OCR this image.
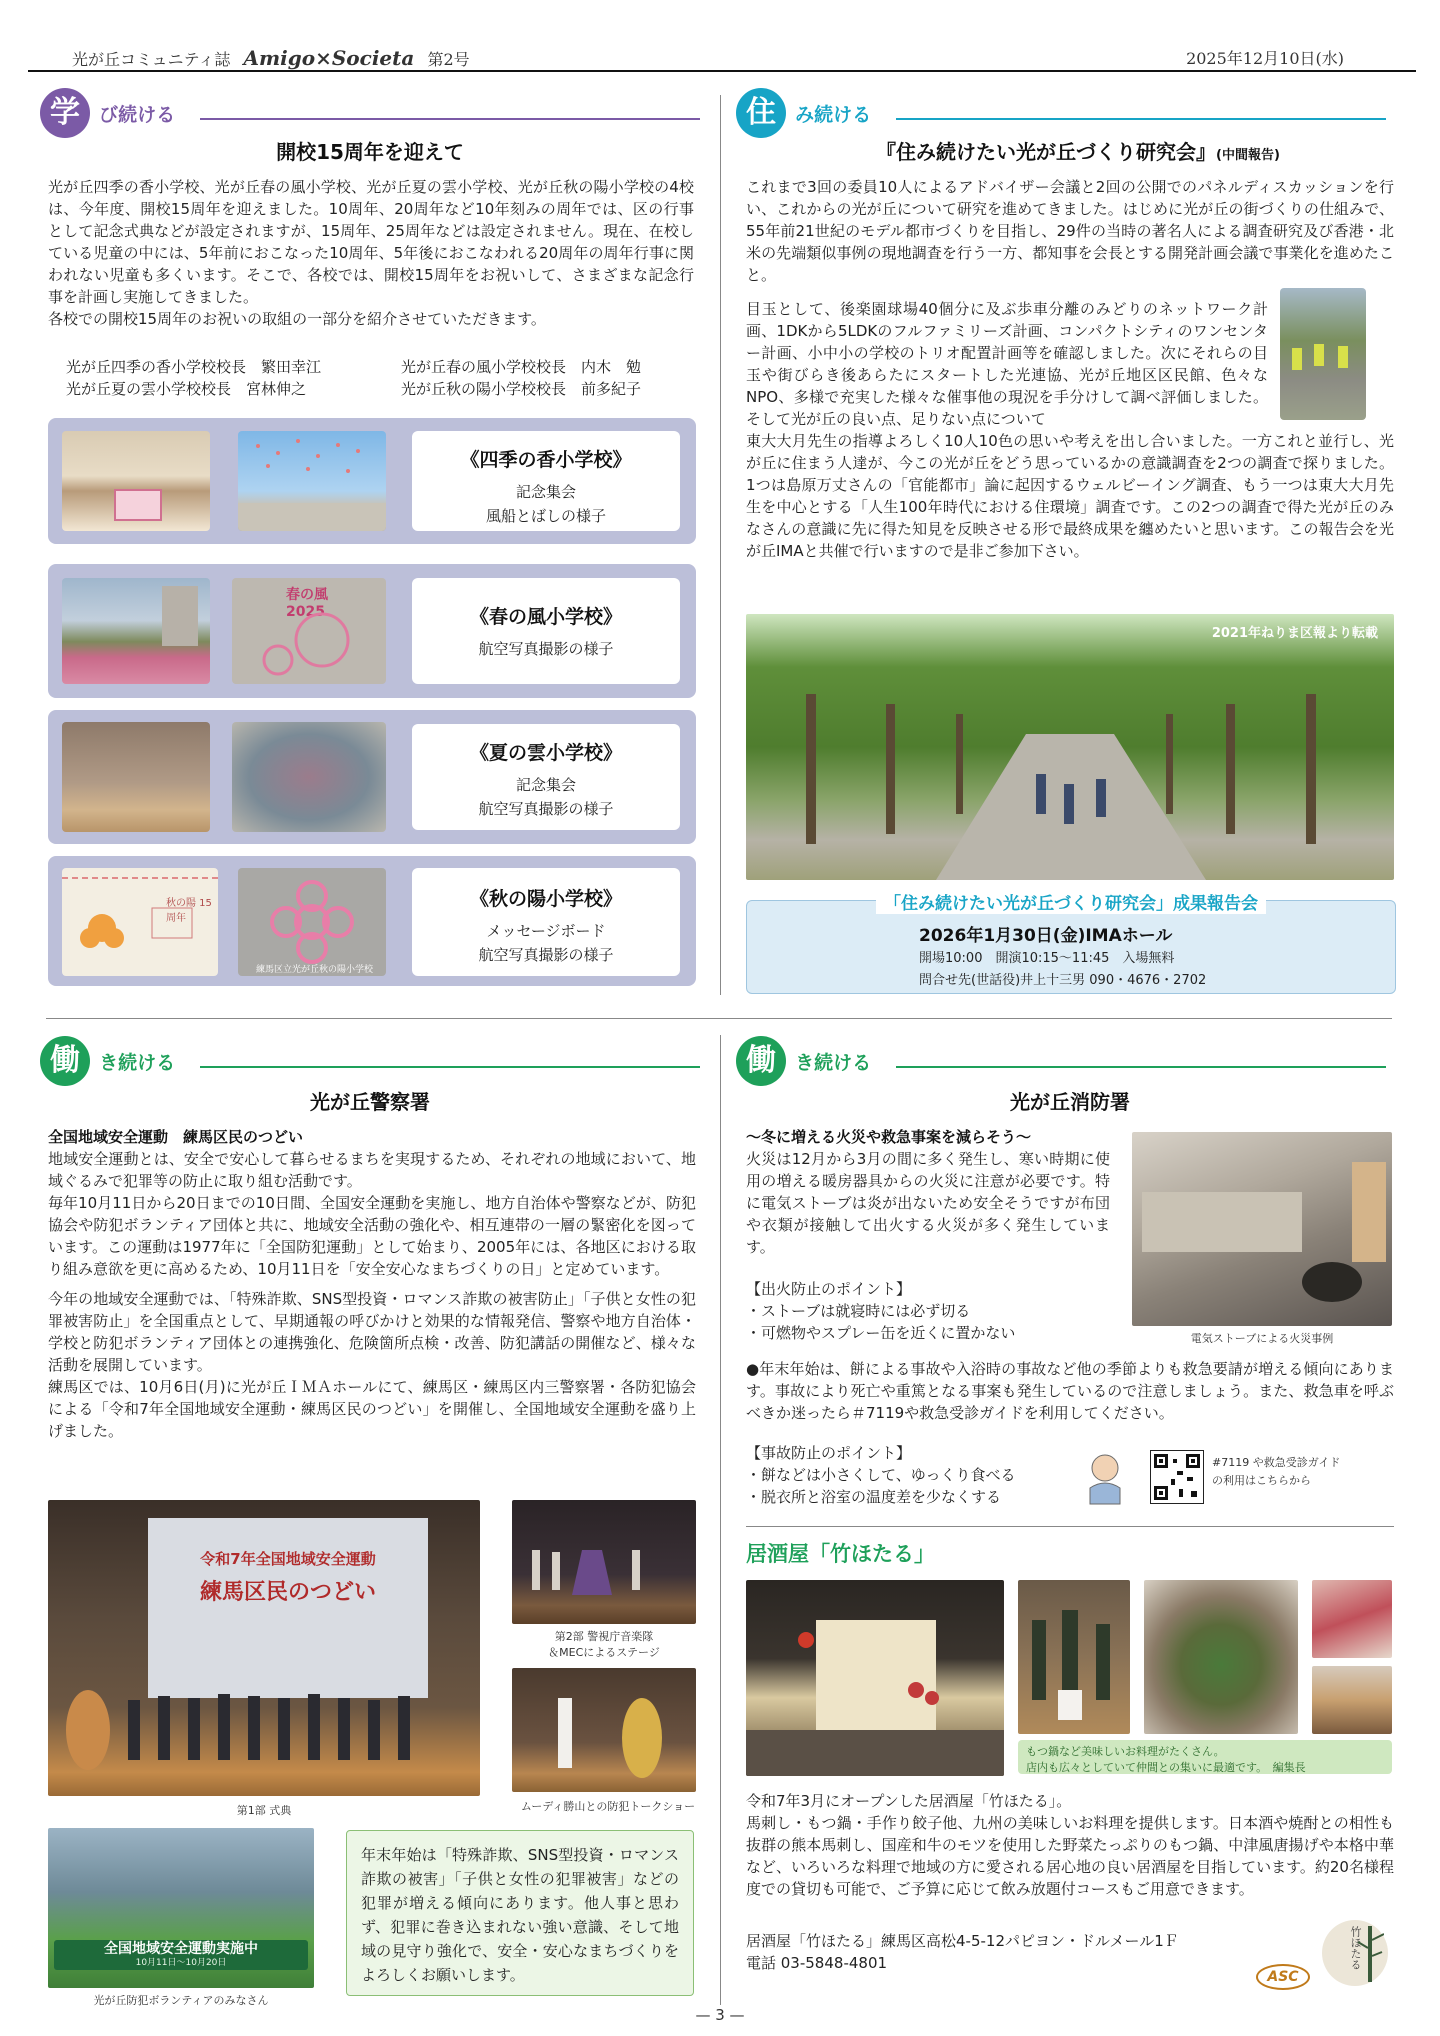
光が丘コミュニティ誌 Amigo×Societa 第2号	2025年12月10日(水)
学 び続ける
開校15周年を迎えて
光が丘四季の香小学校、光が丘春の風小学校、光が丘夏の雲小学校、光が丘秋の陽小学校の4校は、今年度、開校15周年を迎えました。10周年、20周年など10年刻みの周年では、区の行事として記念式典などが設定されますが、15周年、25周年などは設定されません。現在、在校している児童の中には、5年前におこなった10周年、5年後におこなわれる20周年の周年行事に関われない児童も多くいます。そこで、各校では、開校15周年をお祝いして、さまざまな記念行事を計画し実施してきました。
各校での開校15周年のお祝いの取組の一部分を紹介させていただきます。
光が丘四季の香小学校校長　繁田幸江	光が丘春の風小学校校長　内木　勉
光が丘夏の雲小学校校長　宮林伸之	光が丘秋の陽小学校校長　前多紀子
《四季の香小学校》
記念集会
風船とばしの様子
春の風 2025	《春の風小学校》
航空写真撮影の様子
《夏の雲小学校》
記念集会
航空写真撮影の様子
秋の陽 15周年
練馬区立光が丘秋の陽小学校
《秋の陽小学校》
メッセージボード
航空写真撮影の様子
住 み続ける
『住み続けたい光が丘づくり研究会』(中間報告)
これまで3回の委員10人によるアドバイザー会議と2回の公開でのパネルディスカッションを行い、これからの光が丘について研究を進めてきました。はじめに光が丘の街づくりの仕組みで、55年前21世紀のモデル都市づくりを目指し、29件の当時の著名人による調査研究及び香港・北米の先端類似事例の現地調査を行う一方、都知事を会長とする開発計画会議で事業化を進めたこと。
目玉として、後楽園球場40個分に及ぶ歩車分離のみどりのネットワーク計画、1DKから5LDKのフルファミリーズ計画、コンパクトシティのワンセンター計画、小中小の学校のトリオ配置計画等を確認しました。次にそれらの目玉や街びらき後あらたにスタートした光連協、光が丘地区区民館、色々なNPO、多様で充実した様々な催事他の現況を手分けして調べ評価しました。そして光が丘の良い点、足りない点について
東大大月先生の指導よろしく10人10色の思いや考えを出し合いました。一方これと並行し、光が丘に住まう人達が、今この光が丘をどう思っているかの意識調査を2つの調査で探りました。1つは島原万丈さんの「官能都市」論に起因するウェルビーイング調査、もう一つは東大大月先生を中心とする「人生100年時代における住環境」調査です。この2つの調査で得た光が丘のみなさんの意識に先に得た知見を反映させる形で最終成果を纏めたいと思います。この報告会を光が丘IMAと共催で行いますので是非ご参加下さい。
2021年ねりま区報より転載
「住み続けたい光が丘づくり研究会」成果報告会
2026年1月30日(金)IMAホール
開場10:00　開演10:15〜11:45　入場無料
問合せ先(世話役)井上十三男 090・4676・2702
働 き続ける
光が丘警察署
全国地域安全運動　練馬区民のつどい
地域安全運動とは、安全で安心して暮らせるまちを実現するため、それぞれの地域において、地域ぐるみで犯罪等の防止に取り組む活動です。
毎年10月11日から20日までの10日間、全国安全運動を実施し、地方自治体や警察などが、防犯協会や防犯ボランティア団体と共に、地域安全活動の強化や、相互連帯の一層の緊密化を図っています。この運動は1977年に「全国防犯運動」として始まり、2005年には、各地区における取り組み意欲を更に高めるため、10月11日を「安全安心なまちづくりの日」と定めています。
今年の地域安全運動では、「特殊詐欺、SNS型投資・ロマンス詐欺の被害防止」「子供と女性の犯罪被害防止」を全国重点として、早期通報の呼びかけと効果的な情報発信、警察や地方自治体・学校と防犯ボランティア団体との連携強化、危険箇所点検・改善、防犯講話の開催など、様々な活動を展開しています。
練馬区では、10月6日(月)に光が丘ＩＭＡホールにて、練馬区・練馬区内三警察署・各防犯協会による「令和7年全国地域安全運動・練馬区民のつどい」を開催し、全国地域安全運動を盛り上げました。
令和7年全国地域安全運動
練馬区民のつどい
第1部 式典
第2部 警視庁音楽隊
＆MECによるステージ
ムーディ勝山との防犯トークショー
全国地域安全運動実施中
10月11日〜10月20日
光が丘防犯ボランティアのみなさん
年末年始は「特殊詐欺、SNS型投資・ロマンス詐欺の被害」「子供と女性の犯罪被害」などの犯罪が増える傾向にあります。他人事と思わず、犯罪に巻き込まれない強い意識、そして地域の見守り強化で、安全・安心なまちづくりをよろしくお願いします。
働 き続ける
光が丘消防署
〜冬に増える火災や救急事案を減らそう〜
火災は12月から3月の間に多く発生し、寒い時期に使用の増える暖房器具からの火災に注意が必要です。特に電気ストーブは炎が出ないため安全そうですが布団や衣類が接触して出火する火災が多く発生しています。
【出火防止のポイント】
・ストーブは就寝時には必ず切る
・可燃物やスプレー缶を近くに置かない	電気ストーブによる火災事例
●年末年始は、餅による事故や入浴時の事故など他の季節よりも救急要請が増える傾向にあります。事故により死亡や重篤となる事案も発生しているので注意しましょう。また、救急車を呼ぶべきか迷ったら＃7119や救急受診ガイドを利用してください。
【事故防止のポイント】
・餅などは小さくして、ゆっくり食べる
・脱衣所と浴室の温度差を少なくする
#7119 や救急受診ガイド
の利用はこちらから
居酒屋「竹ほたる」
もつ鍋など美味しいお料理がたくさん。
店内も広々としていて仲間との集いに最適です。　編集長
令和7年3月にオープンした居酒屋「竹ほたる」。
馬刺し・もつ鍋・手作り餃子他、九州の美味しいお料理を提供します。日本酒や焼酎との相性も抜群の熊本馬刺し、国産和牛のモツを使用した野菜たっぷりのもつ鍋、中津風唐揚げや本格中華など、いろいろな料理で地域の方に愛される居心地の良い居酒屋を目指しています。約20名様程度での貸切も可能で、ご予算に応じて飲み放題付コースもご用意できます。
居酒屋「竹ほたる」練馬区高松4-5-12パピヨン・ドルメール1Ｆ
電話 03-5848-4801
ASC
竹ほたる
— 3 —
